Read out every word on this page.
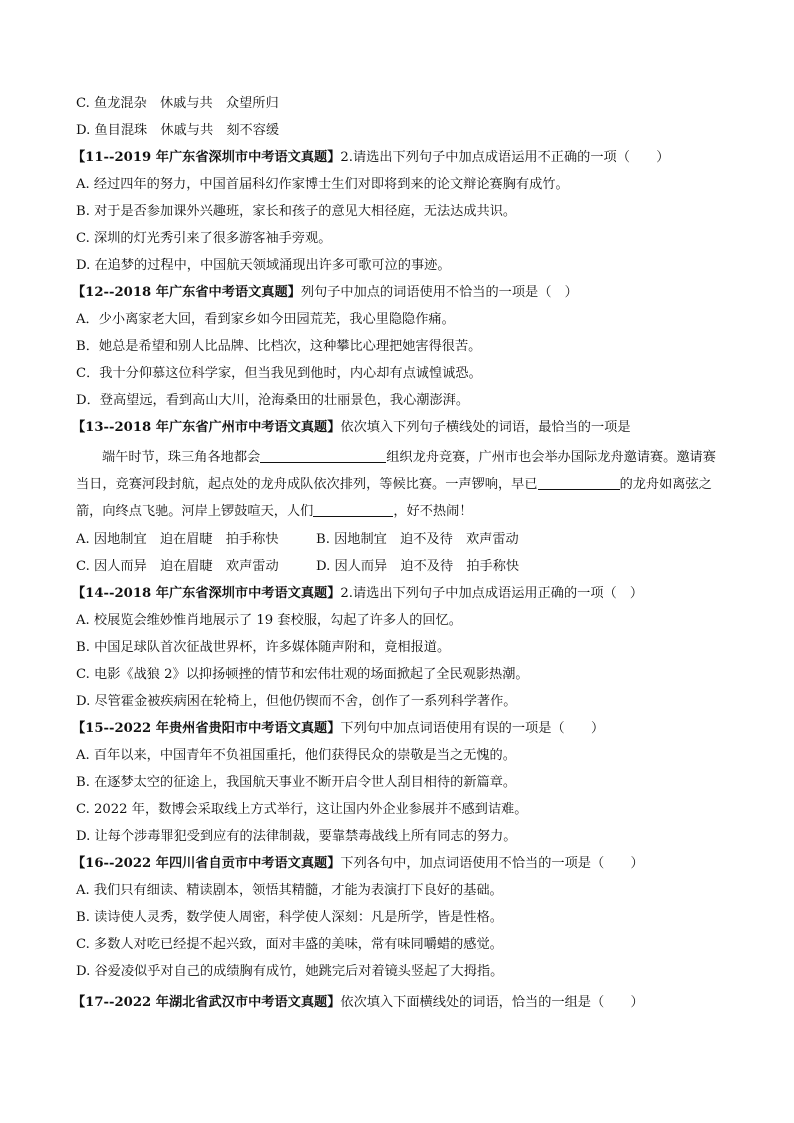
C. 鱼龙混杂　休戚与共　众望所归
D. 鱼目混珠　休戚与共　刻不容缓
【11--2019 年广东省深圳市中考语文真题】2.请选出下列句子中加点成语运用不正确的一项（　　）
A. 经过四年的努力，中国首届科幻作家博士生们对即将到来的论文辩论赛胸有成竹。
B. 对于是否参加课外兴趣班，家长和孩子的意见大相径庭，无法达成共识。
C. 深圳的灯光秀引来了很多游客袖手旁观。
D. 在追梦的过程中，中国航天领域涌现出许多可歌可泣的事迹。
【12--2018 年广东省中考语文真题】列句子中加点的词语使用不恰当的一项是（　）
A．少小离家老大回，看到家乡如今田园荒芜，我心里隐隐作痛。
B．她总是希望和别人比品牌、比档次，这种攀比心理把她害得很苦。
C．我十分仰慕这位科学家，但当我见到他时，内心却有点诚惶诚恐。
D．登高望远，看到高山大川，沧海桑田的壮丽景色，我心潮澎湃。
【13--2018 年广东省广州市中考语文真题】依次填入下列句子横线处的词语，最恰当的一项是
端午时节，珠三角各地都会	组织龙舟竞赛，广州市也会举办国际龙舟邀请赛。邀请赛当日，竞赛河段封航，起点处的龙舟成队依次排列，等候比赛。一声锣响，早已	的龙舟如离弦之箭，向终点飞驰。河岸上锣鼓喧天，人们	，好不热闹！
A. 因地制宜　迫在眉睫　拍手称快	B. 因地制宜　迫不及待　欢声雷动
C. 因人而异　迫在眉睫　欢声雷动	D. 因人而异　迫不及待　拍手称快
【14--2018 年广东省深圳市中考语文真题】2.请选出下列句子中加点成语运用正确的一项（　）
A. 校展览会维妙惟肖地展示了 19 套校服，勾起了许多人的回忆。
B. 中国足球队首次征战世界杯，许多媒体随声附和，竟相报道。
C. 电影《战狼 2》以抑扬顿挫的情节和宏伟壮观的场面掀起了全民观影热潮。
D. 尽管霍金被疾病困在轮椅上，但他仍锲而不舍，创作了一系列科学著作。
【15--2022 年贵州省贵阳市中考语文真题】下列句中加点词语使用有误的一项是（　　）
A. 百年以来，中国青年不负祖国重托，他们获得民众的崇敬是当之无愧的。
B. 在逐梦太空的征途上，我国航天事业不断开启令世人刮目相待的新篇章。
C. 2022 年，数博会采取线上方式举行，这让国内外企业参展并不感到诘难。
D. 让每个涉毒罪犯受到应有的法律制裁，要靠禁毒战线上所有同志的努力。
【16--2022 年四川省自贡市中考语文真题】下列各句中，加点词语使用不恰当的一项是（　　）
A. 我们只有细读、精读剧本，领悟其精髓，才能为表演打下良好的基础。
B. 读诗使人灵秀，数学使人周密，科学使人深刻：凡是所学，皆是性格。
C. 多数人对吃已经提不起兴致，面对丰盛的美味，常有味同嚼蜡的感觉。
D. 谷爱凌似乎对自己的成绩胸有成竹，她跳完后对着镜头竖起了大拇指。
【17--2022 年湖北省武汉市中考语文真题】依次填入下面横线处的词语，恰当的一组是（　　）
